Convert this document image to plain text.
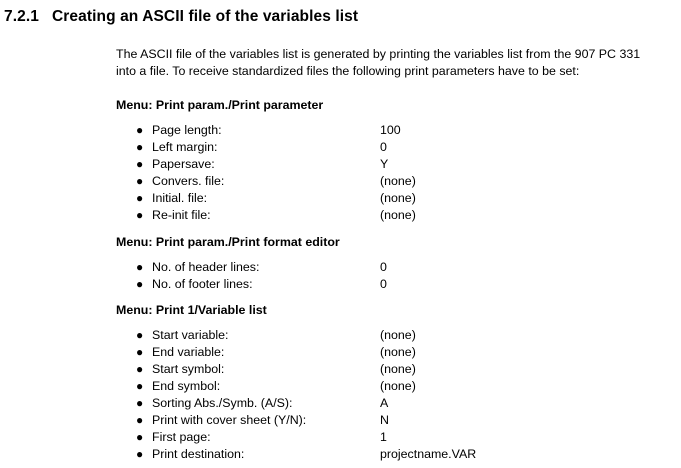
7.2.1 Creating an ASCII file of the variables list

The ASCII file of the variables list is generated by printing the variables list from the 907 PC 331

into a file. To receive standardized files the following print parameters have to be set:

Menu: Print param./Print parameter
● Page length:	100
● Left margin:	0
● Papersave:	Y
● Convers. file:	(none)
● Initial. file:	(none)
● Re-init file:	(none)
Menu: Print param./Print format editor
● No. of header lines:	0
● No. of footer lines:	0
Menu: Print 1/Variable list
● Start variable:	(none)
● End variable:	(none)
● Start symbol:	(none)
● End symbol:	(none)
● Sorting Abs./Symb. (A/S):	A
● Print with cover sheet (Y/N):	N
● First page:	1
● Print destination:	projectname.VAR
